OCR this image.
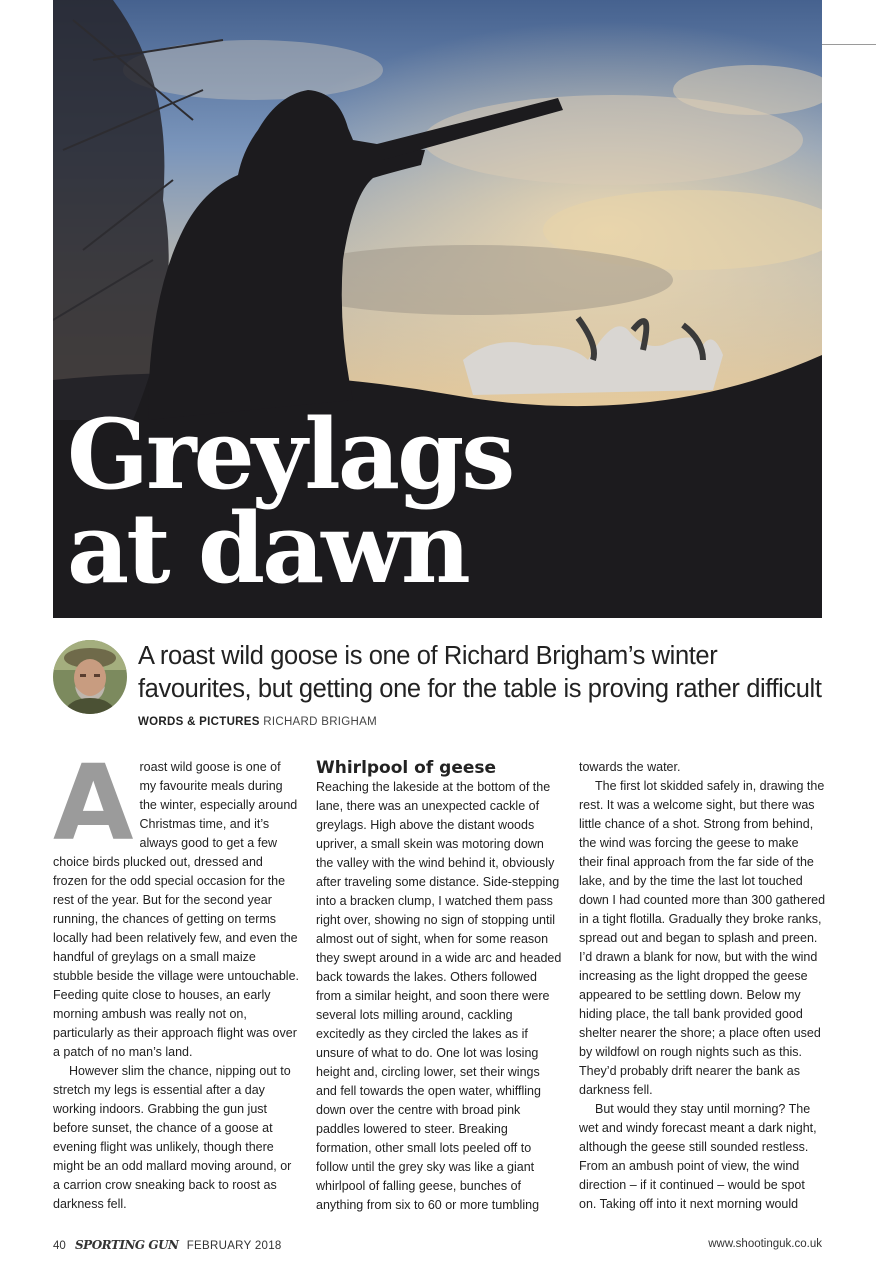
Greylags
at dawn
A roast wild goose is one of Richard Brigham’s winter favourites, but getting one for the table is proving rather difficult
WORDS & PICTURES RICHARD BRIGHAM
A roast wild goose is one of my favourite meals during the winter, especially around Christmas time, and it’s always good to get a few choice birds plucked out, dressed and frozen for the odd special occasion for the rest of the year. But for the second year running, the chances of getting on terms locally had been relatively few, and even the handful of greylags on a small maize stubble beside the village were untouchable. Feeding quite close to houses, an early morning ambush was really not on, particularly as their approach flight was over a patch of no man’s land.

However slim the chance, nipping out to stretch my legs is essential after a day working indoors. Grabbing the gun just before sunset, the chance of a goose at evening flight was unlikely, though there might be an odd mallard moving around, or a carrion crow sneaking back to roost as darkness fell.

Whirlpool of geese

Reaching the lakeside at the bottom of the lane, there was an unexpected cackle of greylags. High above the distant woods upriver, a small skein was motoring down the valley with the wind behind it, obviously after traveling some distance. Side-stepping into a bracken clump, I watched them pass right over, showing no sign of stopping until almost out of sight, when for some reason they swept around in a wide arc and headed back towards the lakes. Others followed from a similar height, and soon there were several lots milling around, cackling excitedly as they circled the lakes as if unsure of what to do. One lot was losing height and, circling lower, set their wings and fell towards the open water, whiffling down over the centre with broad pink paddles lowered to steer. Breaking formation, other small lots peeled off to follow until the grey sky was like a giant whirlpool of falling geese, bunches of anything from six to 60 or more tumbling

towards the water.

The first lot skidded safely in, drawing the rest. It was a welcome sight, but there was little chance of a shot. Strong from behind, the wind was forcing the geese to make their final approach from the far side of the lake, and by the time the last lot touched down I had counted more than 300 gathered in a tight flotilla. Gradually they broke ranks, spread out and began to splash and preen. I’d drawn a blank for now, but with the wind increasing as the light dropped the geese appeared to be settling down. Below my hiding place, the tall bank provided good shelter nearer the shore; a place often used by wildfowl on rough nights such as this. They’d probably drift nearer the bank as darkness fell.

But would they stay until morning? The wet and windy forecast meant a dark night, although the geese still sounded restless. From an ambush point of view, the wind direction – if it continued – would be spot on. Taking off into it next morning would

40 SPORTING GUN FEBRUARY 2018	www.shootinguk.co.uk
